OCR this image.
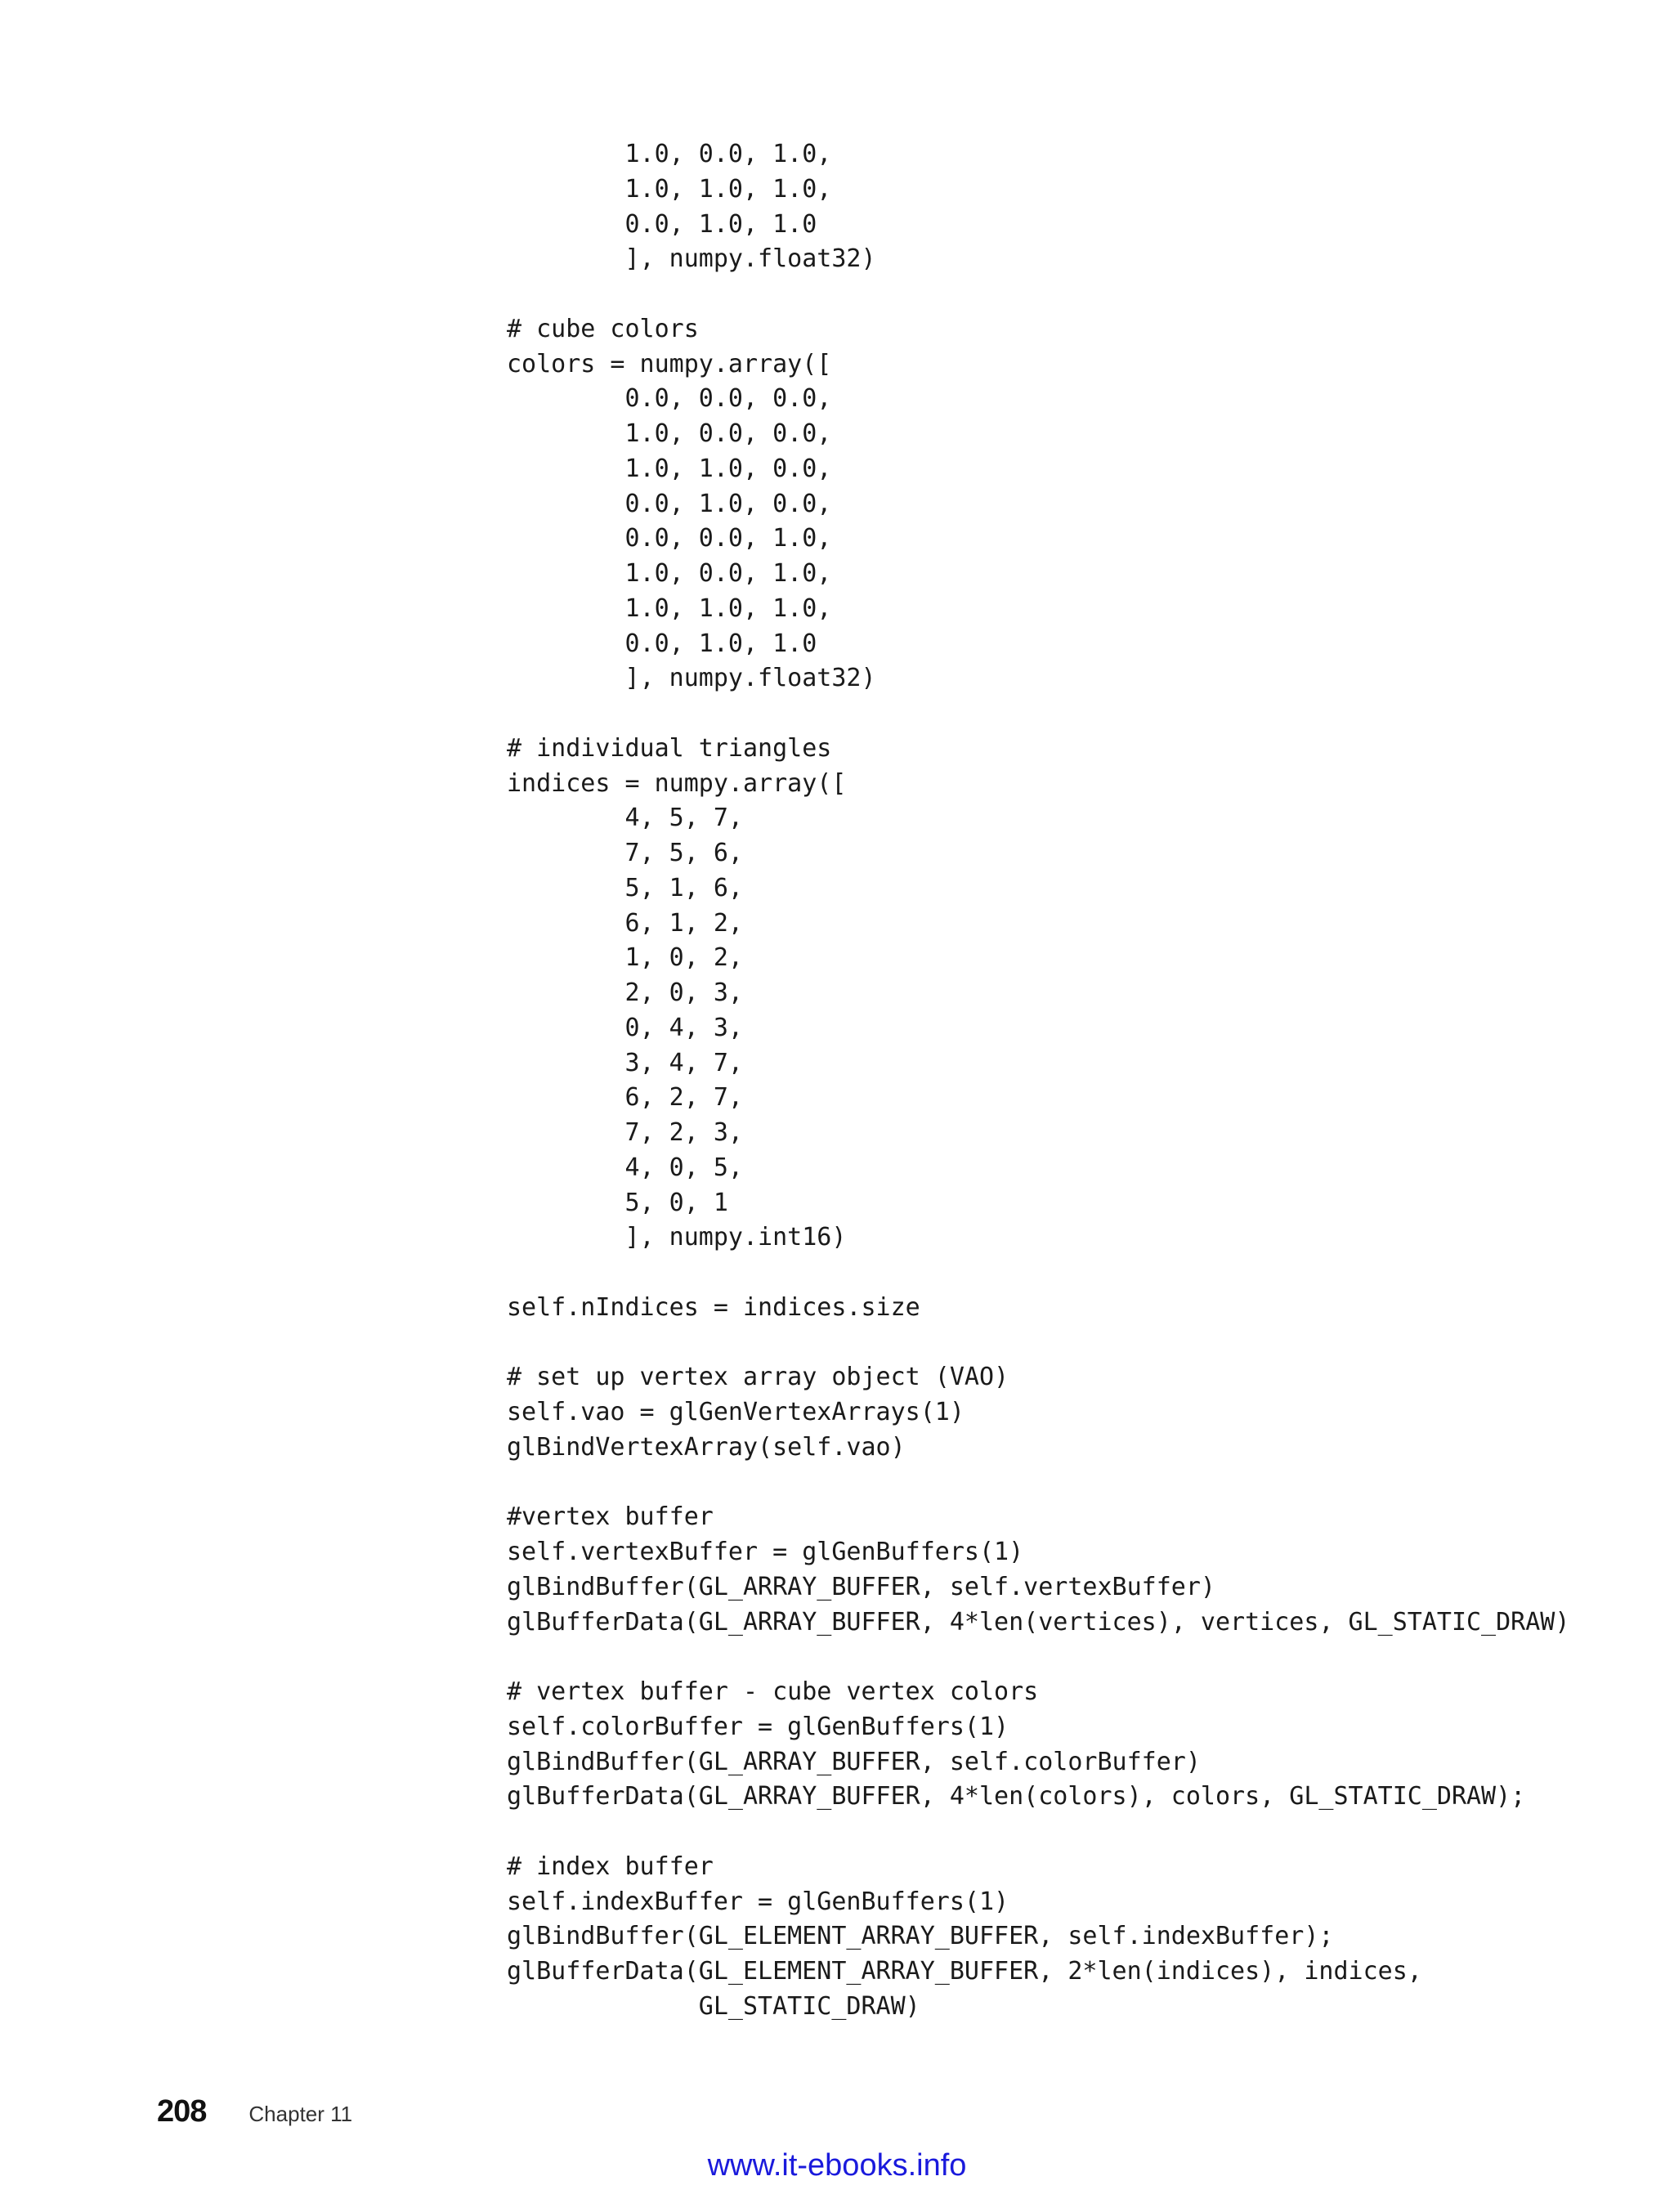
1.0, 0.0, 1.0,
1.0, 1.0, 1.0,
0.0, 1.0, 1.0
], numpy.float32)
# cube colors
colors = numpy.array([
0.0, 0.0, 0.0,
1.0, 0.0, 0.0,
1.0, 1.0, 0.0,
0.0, 1.0, 0.0,
0.0, 0.0, 1.0,
1.0, 0.0, 1.0,
1.0, 1.0, 1.0,
0.0, 1.0, 1.0
], numpy.float32)
# individual triangles
indices = numpy.array([
4, 5, 7,
7, 5, 6,
5, 1, 6,
6, 1, 2,
1, 0, 2,
2, 0, 3,
0, 4, 3,
3, 4, 7,
6, 2, 7,
7, 2, 3,
4, 0, 5,
5, 0, 1
], numpy.int16)
self.nIndices = indices.size
# set up vertex array object (VAO)
self.vao = glGenVertexArrays(1)
glBindVertexArray(self.vao)
#vertex buffer
self.vertexBuffer = glGenBuffers(1)
glBindBuffer(GL_ARRAY_BUFFER, self.vertexBuffer)
glBufferData(GL_ARRAY_BUFFER, 4*len(vertices), vertices, GL_STATIC_DRAW)
# vertex buffer - cube vertex colors
self.colorBuffer = glGenBuffers(1)
glBindBuffer(GL_ARRAY_BUFFER, self.colorBuffer)
glBufferData(GL_ARRAY_BUFFER, 4*len(colors), colors, GL_STATIC_DRAW);
# index buffer
self.indexBuffer = glGenBuffers(1)
glBindBuffer(GL_ELEMENT_ARRAY_BUFFER, self.indexBuffer);
glBufferData(GL_ELEMENT_ARRAY_BUFFER, 2*len(indices), indices,
GL_STATIC_DRAW)
208 Chapter 11
www.it-ebooks.info
